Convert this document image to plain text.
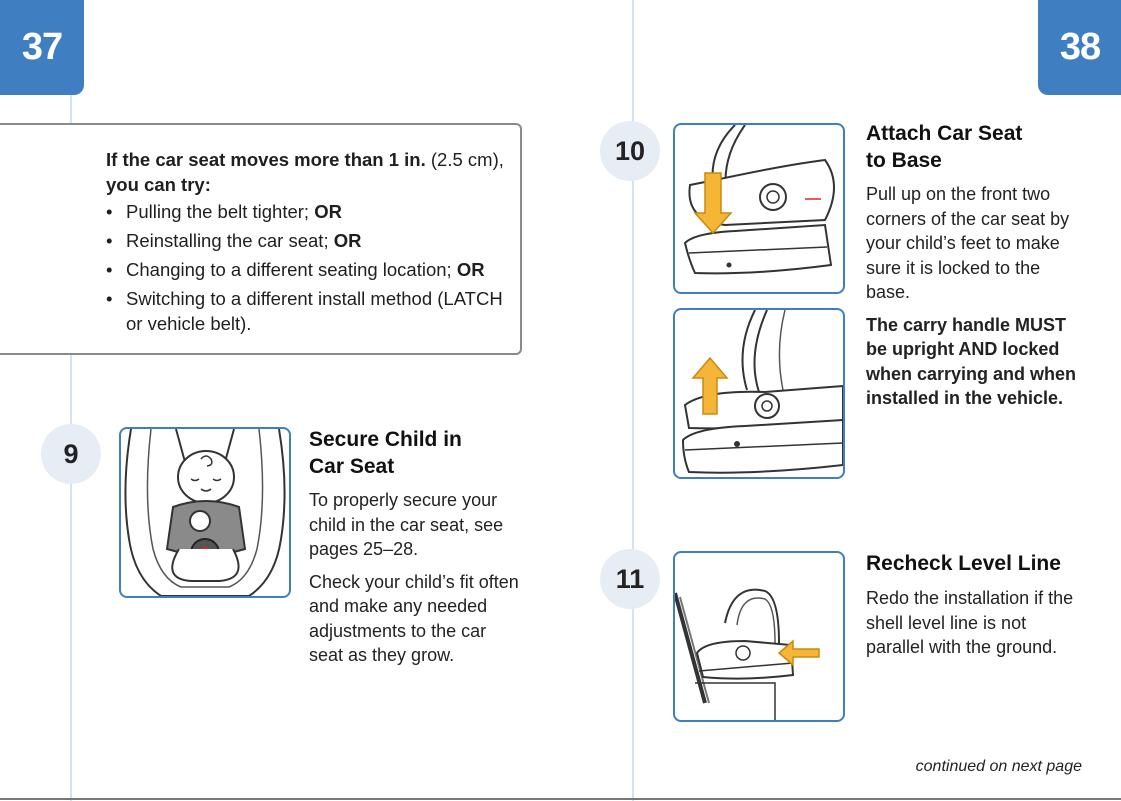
37	38
If the car seat moves more than 1 in. (2.5 cm),
you can try:
• Pulling the belt tighter; OR
• Reinstalling the car seat; OR
• Changing to a different seating location; OR
• Switching to a different install method (LATCH or vehicle belt).
9	Secure Child in
Car Seat

To properly secure your child in the car seat, see pages 25–28.

Check your child’s fit often and make any needed adjustments to the car seat as they grow.

10
Attach Car Seat
to Base

Pull up on the front two corners of the car seat by your child’s feet to make sure it is locked to the base.

The carry handle MUST be upright AND locked when carrying and when installed in the vehicle.

11	Recheck Level Line

Redo the installation if the shell level line is not parallel with the ground.

continued on next page
